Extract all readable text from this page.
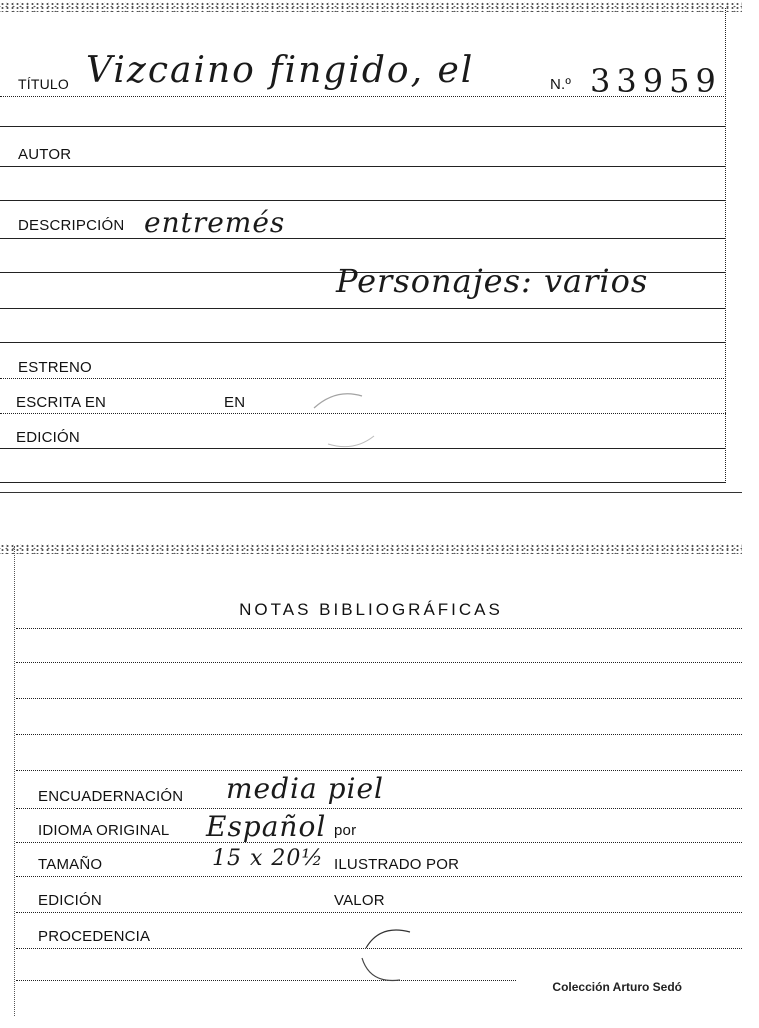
TÍTULO Vizcaino fingido, el	N.º 33959
AUTOR
DESCRIPCIÓN entremés
Personajes: varios
ESTRENO
ESCRITA EN	EN
EDICIÓN
NOTAS BIBLIOGRÁFICAS
ENCUADERNACIÓN media piel
IDIOMA ORIGINAL Español por
TAMAÑO	15 x 20½ ILUSTRADO POR
EDICIÓN	VALOR
PROCEDENCIA
Colección Arturo Sedó
